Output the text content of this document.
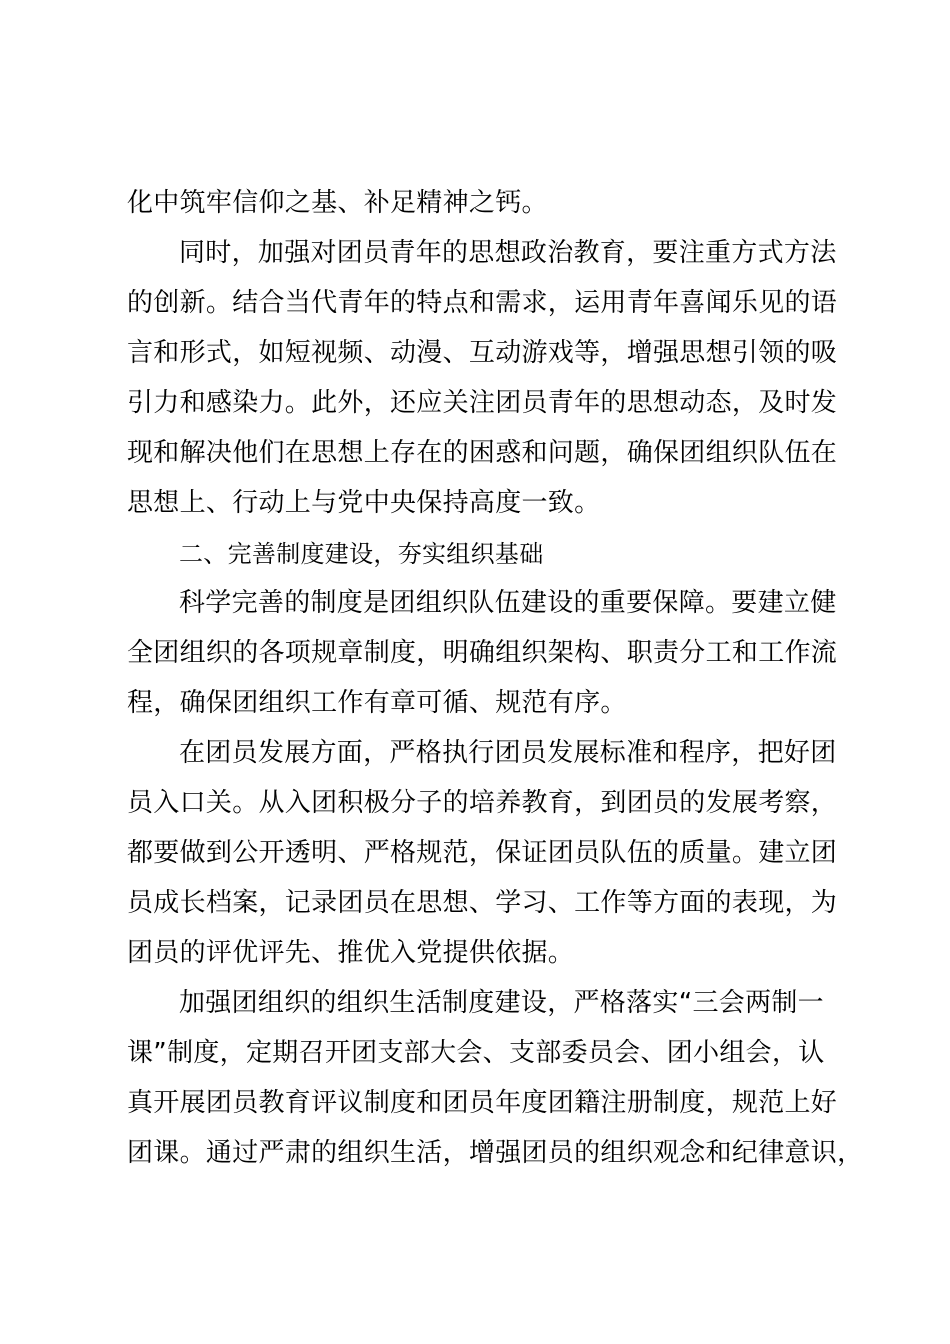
化中筑牢信仰之基、补足精神之钙。
同时，加强对团员青年的思想政治教育，要注重方式方法
的创新。结合当代青年的特点和需求，运用青年喜闻乐见的语
言和形式，如短视频、动漫、互动游戏等，增强思想引领的吸
引力和感染力。此外，还应关注团员青年的思想动态，及时发
现和解决他们在思想上存在的困惑和问题，确保团组织队伍在
思想上、行动上与党中央保持高度一致。
二、完善制度建设，夯实组织基础
科学完善的制度是团组织队伍建设的重要保障。要建立健
全团组织的各项规章制度，明确组织架构、职责分工和工作流
程，确保团组织工作有章可循、规范有序。
在团员发展方面，严格执行团员发展标准和程序，把好团
员入口关。从入团积极分子的培养教育，到团员的发展考察，
都要做到公开透明、严格规范，保证团员队伍的质量。建立团
员成长档案，记录团员在思想、学习、工作等方面的表现，为
团员的评优评先、推优入党提供依据。
加强团组织的组织生活制度建设，严格落实“三会两制一
课”制度，定期召开团支部大会、支部委员会、团小组会，认
真开展团员教育评议制度和团员年度团籍注册制度，规范上好
团课。通过严肃的组织生活，增强团员的组织观念和纪律意识，
